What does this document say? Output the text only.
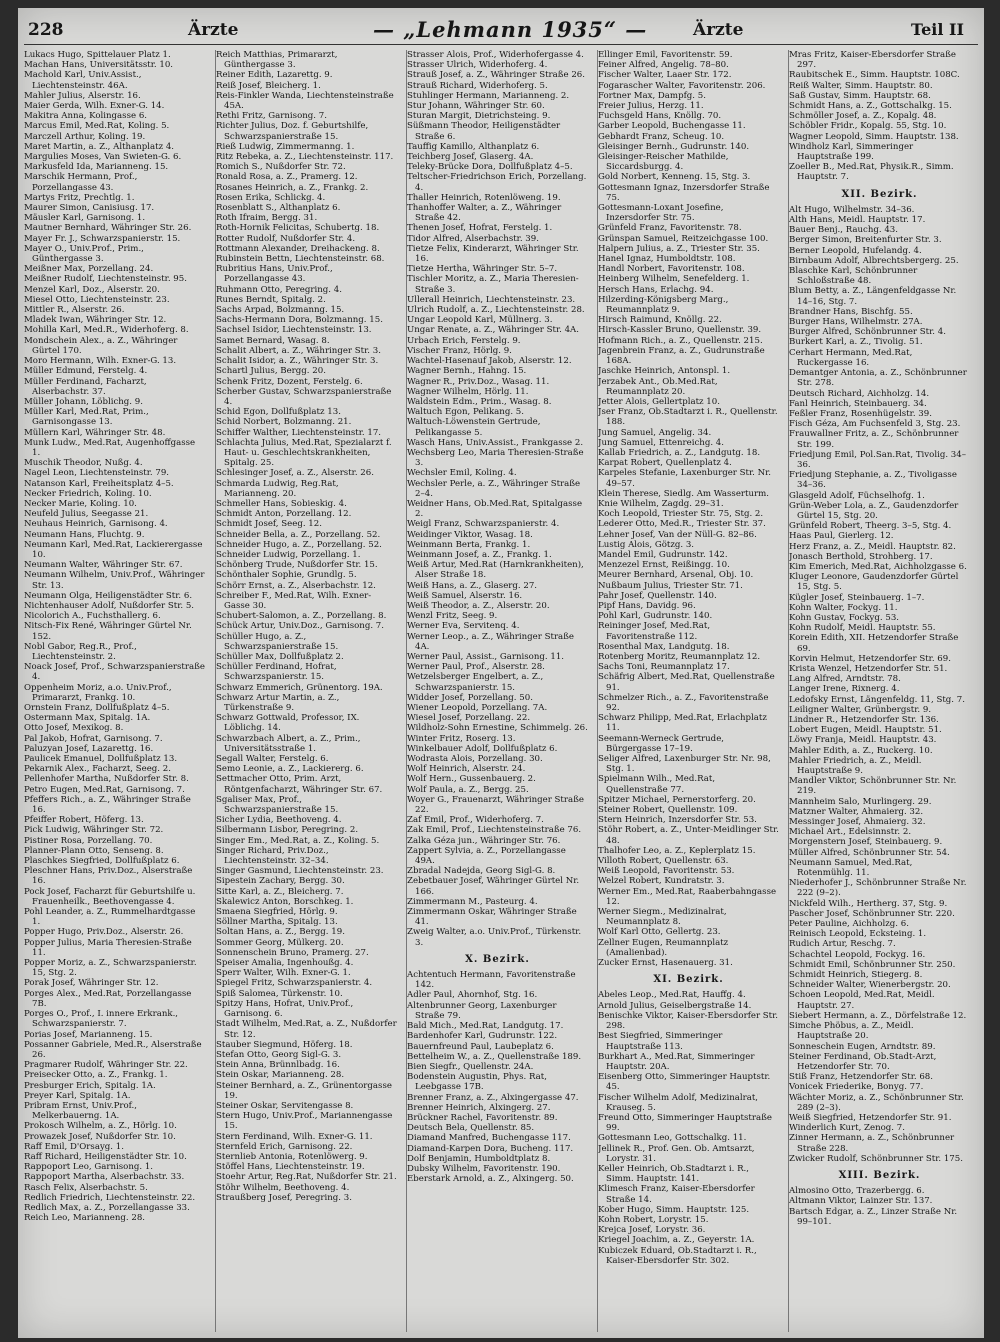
228	Ärzte	— „Lehmann 1935“ —	Ärzte	Teil II

Lukacs Hugo, Spittelauer Platz 1.

Machan Hans, Universitätsstr. 10.

Machold Karl, Univ.Assist., Liechtensteinstr. 46A.

Mahler Julius, Alserstr. 16.

Maier Gerda, Wilh. Exner-G. 14.

Makitra Anna, Kolingasse 6.

Marcus Emil, Med.Rat, Koling. 5.

Marczell Arthur, Koling. 19.

Maret Martin, a. Z., Althanplatz 4.

Margulies Moses, Van Swieten-G. 6.

Markusfeld Ida, Marianneng. 15.

Marschik Hermann, Prof., Porzellangasse 43.

Martys Fritz, Prechtlg. 1.

Maurer Simon, Canisiusg. 17.

Mäusler Karl, Garnisong. 1.

Mautner Bernhard, Währinger Str. 26.

Mayer Fr. J., Schwarzspanierstr. 15.

Mayer O., Univ.Prof., Prim., Günthergasse 3.

Meißner Max, Porzellang. 24.

Meißner Rudolf, Liechtensteinstr. 95.

Menzel Karl, Doz., Alserstr. 20.

Miesel Otto, Liechtensteinstr. 23.

Mittler R., Alserstr. 26.

Mladek Iwan, Währinger Str. 12.

Mohilla Karl, Med.R., Widerhoferg. 8.

Mondschein Alex., a. Z., Währinger Gürtel 170.

Moro Hermann, Wilh. Exner-G. 13.

Müller Edmund, Ferstelg. 4.

Müller Ferdinand, Facharzt, Alserbachstr. 37.

Müller Johann, Löblichg. 9.

Müller Karl, Med.Rat, Prim., Garnisongasse 13.

Müllern Karl, Währinger Str. 48.

Munk Ludw., Med.Rat, Augenhoffgasse 1.

Muschik Theodor, Nußg. 4.

Nagel Leon, Liechtensteinstr. 79.

Natanson Karl, Freiheitsplatz 4–5.

Necker Friedrich, Koling. 10.

Necker Marie, Koling. 10.

Neufeld Julius, Seegasse 21.

Neuhaus Heinrich, Garnisong. 4.

Neumann Hans, Fluchtg. 9.

Neumann Karl, Med.Rat, Lackierergasse 10.

Neumann Walter, Währinger Str. 67.

Neumann Wilhelm, Univ.Prof., Währinger Str. 13.

Neumann Olga, Heiligenstädter Str. 6.

Nichtenhauser Adolf, Nußdorfer Str. 5.

Nicolorich A., Fuchsthallerg. 6.

Nitsch-Fix René, Währinger Gürtel Nr. 152.

Nobl Gabor, Reg.R., Prof., Liechtensteinstr. 2.

Noack Josef, Prof., Schwarzspanierstraße 4.

Oppenheim Moriz, a.o. Univ.Prof., Primararzt, Frankg. 10.

Ornstein Franz, Dollfußplatz 4–5.

Ostermann Max, Spitalg. 1A.

Otto Josef, Mexikog. 8.

Pal Jakob, Hofrat, Garnisong. 7.

Paluzyan Josef, Lazarettg. 16.

Paulicek Emanuel, Dollfußplatz 13.

Pekarnik Alex., Facharzt, Seeg. 2.

Pellenhofer Martha, Nußdorfer Str. 8.

Petro Eugen, Med.Rat, Garnisong. 7.

Pfeffers Rich., a. Z., Währinger Straße 16.

Pfeiffer Robert, Höferg. 13.

Pick Ludwig, Währinger Str. 72.

Pistiner Rosa, Porzellang. 70.

Planner-Plann Otto, Senseng. 8.

Plaschkes Siegfried, Dollfußplatz 6.

Pleschner Hans, Priv.Doz., Alserstraße 16.

Pock Josef, Facharzt für Geburtshilfe u. Frauenheilk., Beethovengasse 4.

Pohl Leander, a. Z., Rummelhardtgasse 1.

Popper Hugo, Priv.Doz., Alserstr. 26.

Popper Julius, Maria Theresien-Straße 11.

Popper Moriz, a. Z., Schwarzspanierstr. 15, Stg. 2.

Porak Josef, Währinger Str. 12.

Porges Alex., Med.Rat, Porzellangasse 7B.

Porges O., Prof., I. innere Erkrank., Schwarzspanierstr. 7.

Porias Josef, Marianneng. 15.

Possanner Gabriele, Med.R., Alserstraße 26.

Pragmarer Rudolf, Währinger Str. 22.

Preisecker Otto, a. Z., Frankg. 1.

Presburger Erich, Spitalg. 1A.

Preyer Karl, Spitalg. 1A.

Pribram Ernst, Univ.Prof., Melkerbauerng. 1A.

Prokosch Wilhelm, a. Z., Hörlg. 10.

Prowazek Josef, Nußdorfer Str. 10.

Raff Emil, D'Orsayg. 1.

Raff Richard, Heiligenstädter Str. 10.

Rappoport Leo, Garnisong. 1.

Rappoport Martha, Alserbachstr. 33.

Rasch Felix, Alserbachstr. 5.

Redlich Friedrich, Liechtensteinstr. 22.

Redlich Max, a. Z., Porzellangasse 33.

Reich Leo, Marianneng. 28.

Reich Matthias, Primararzt, Günthergasse 3.

Reiner Edith, Lazarettg. 9.

Reiß Josef, Bleicherg. 1.

Reis-Finkler Wanda, Liechtensteinstraße 45A.

Rethi Fritz, Garnisong. 7.

Richter Julius, Doz. f. Geburtshilfe, Schwarzspanierstraße 15.

Rieß Ludwig, Zimmermanng. 1.

Ritz Rebeka, a. Z., Liechtensteinstr. 117.

Romich S., Nußdorfer Str. 72.

Ronald Rosa, a. Z., Pramerg. 12.

Rosanes Heinrich, a. Z., Frankg. 2.

Rosen Erika, Schlickg. 4.

Rosenblatt S., Althanplatz 6.

Roth Ifraim, Bergg. 31.

Roth-Hornik Felicitas, Schubertg. 18.

Rotter Rudolf, Nußdorfer Str. 4.

Rottmann Alexander, Dreihackeng. 8.

Rubinstein Bettn, Liechtensteinstr. 68.

Rubritius Hans, Univ.Prof., Porzellangasse 43.

Ruhmann Otto, Peregring. 4.

Runes Berndt, Spitalg. 2.

Sachs Arpad, Bolzmanng. 15.

Sachs-Hermann Dora, Bolzmanng. 15.

Sachsel Isidor, Liechtensteinstr. 13.

Samet Bernard, Wasag. 8.

Schalit Albert, a. Z., Währinger Str. 3.

Schalit Isidor, a. Z., Währinger Str. 3.

Schartl Julius, Bergg. 20.

Schenk Fritz, Dozent, Ferstelg. 6.

Scherber Gustav, Schwarzspanierstraße 4.

Schid Egon, Dollfußplatz 13.

Schid Norbert, Bolzmanng. 21.

Schiffer Walther, Liechtensteinstr. 17.

Schlachta Julius, Med.Rat, Spezialarzt f. Haut- u. Geschlechtskrankheiten, Spitalg. 25.

Schlesinger Josef, a. Z., Alserstr. 26.

Schmarda Ludwig, Reg.Rat, Marianneng. 20.

Schmeller Hans, Sobieskig. 4.

Schmidt Anton, Porzellang. 12.

Schmidt Josef, Seeg. 12.

Schneider Bella, a. Z., Porzellang. 52.

Schneider Hugo, a. Z., Porzellang. 52.

Schneider Ludwig, Porzellang. 1.

Schönberg Trude, Nußdorfer Str. 15.

Schönthaler Sophie, Grundlg. 5.

Schörr Ernst, a. Z., Alserbachstr. 12.

Schreiber F., Med.Rat, Wilh. Exner-Gasse 30.

Schubert-Salomon, a. Z., Porzellang. 8.

Schück Artur, Univ.Doz., Garnisong. 7.

Schüller Hugo, a. Z., Schwarzspanierstraße 15.

Schüller Max, Dollfußplatz 2.

Schüller Ferdinand, Hofrat, Schwarzspanierstr. 15.

Schwarz Emmerich, Grünentorg. 19A.

Schwarz Artur Martin, a. Z., Türkenstraße 9.

Schwarz Gottwald, Professor, IX. Löblichg. 14.

Schwarzbach Albert, a. Z., Prim., Universitätsstraße 1.

Segall Walter, Ferstelg. 6.

Semo Leonie, a. Z., Lackiererg. 6.

Settmacher Otto, Prim. Arzt, Röntgenfacharzt, Währinger Str. 67.

Sgaliser Max, Prof., Schwarzspanierstraße 15.

Sicher Lydia, Beethoveng. 4.

Silbermann Lisbor, Peregring. 2.

Singer Em., Med.Rat, a. Z., Koling. 5.

Singer Richard, Priv.Doz., Liechtensteinstr. 32–34.

Singer Gasmund, Liechtensteinstr. 23.

Sipestein Zachary, Bergg. 30.

Sitte Karl, a. Z., Bleicherg. 7.

Skalewicz Anton, Borschkeg. 1.

Smaena Siegfried, Hörlg. 9.

Söllner Martha, Spitalg. 13.

Soltan Hans, a. Z., Bergg. 19.

Sommer Georg, Mülkerg. 20.

Sonnenschein Bruno, Pramerg. 27.

Speiser Amalia, Ingenhoußg. 4.

Sperr Walter, Wilh. Exner-G. 1.

Spiegel Fritz, Schwarzspanierstr. 4.

Spiß Salomea, Türkenstr. 10.

Spitzy Hans, Hofrat, Univ.Prof., Garnisong. 6.

Stadt Wilhelm, Med.Rat, a. Z., Nußdorfer Str. 12.

Stauber Siegmund, Höferg. 18.

Stefan Otto, Georg Sigl-G. 3.

Stein Anna, Brünnlbadg. 16.

Stein Oskar, Marianneng. 28.

Steiner Bernhard, a. Z., Grünentorgasse 19.

Steiner Oskar, Servitengasse 8.

Stern Hugo, Univ.Prof., Mariannengasse 15.

Stern Ferdinand, Wilh. Exner-G. 11.

Sternfeld Erich, Garnisong. 22.

Sternlieb Antonia, Rotenlöwerg. 9.

Stöffel Hans, Liechtensteinstr. 19.

Stoehr Artur, Reg.Rat, Nußdorfer Str. 21.

Stöhr Wilhelm, Beethoveng. 4.

Straußberg Josef, Peregring. 3.

Strasser Alois, Prof., Widerhofergasse 4.

Strasser Ulrich, Widerhoferg. 4.

Strauß Josef, a. Z., Währinger Straße 26.

Strauß Richard, Widerhoferg. 5.

Stuhlinger Hermann, Marianneng. 2.

Stur Johann, Währinger Str. 60.

Sturan Margit, Dietrichsteing. 9.

Süßmann Theodor, Heiligenstädter Straße 6.

Tauffig Kamillo, Althanplatz 6.

Teichberg Josef, Glaserg. 4A.

Teleky-Brücke Dora, Dollfußplatz 4–5.

Teltscher-Friedrichson Erich, Porzellang. 4.

Thaller Heinrich, Rotenlöweng. 19.

Thanhoffer Walter, a. Z., Währinger Straße 42.

Thenen Josef, Hofrat, Ferstelg. 1.

Tidor Alfred, Alserbachstr. 39.

Tietze Felix, Kinderarzt, Währinger Str. 16.

Tietze Hertha, Währinger Str. 5–7.

Tischler Moritz, a. Z., Maria Theresien-Straße 3.

Ullerall Heinrich, Liechtensteinstr. 23.

Ulrich Rudolf, a. Z., Liechtensteinstr. 28.

Ungar Leopold Karl, Müllnerg. 3.

Ungar Renate, a. Z., Währinger Str. 4A.

Urbach Erich, Ferstelg. 9.

Vischer Franz, Hörlg. 9.

Wachtel-Hasenauf Jakob, Alserstr. 12.

Wagner Bernh., Hahng. 15.

Wagner R., Priv.Doz., Wasag. 11.

Wagner Wilhelm, Hörlg. 11.

Waldstein Edm., Prim., Wasag. 8.

Waltuch Egon, Pelikang. 5.

Waltuch-Löwenstein Gertrude, Pelikangasse 5.

Wasch Hans, Univ.Assist., Frankgasse 2.

Wechsberg Leo, Maria Theresien-Straße 3.

Wechsler Emil, Koling. 4.

Wechsler Perle, a. Z., Währinger Straße 2–4.

Weidner Hans, Ob.Med.Rat, Spitalgasse 2.

Weigl Franz, Schwarzspanierstr. 4.

Weidinger Viktor, Wasag. 18.

Weinmann Berta, Frankg. 1.

Weinmann Josef, a. Z., Frankg. 1.

Weiß Artur, Med.Rat (Harnkrankheiten), Alser Straße 18.

Weiß Hans, a. Z., Glaserg. 27.

Weiß Samuel, Alserstr. 16.

Weiß Theodor, a. Z., Alserstr. 20.

Wenzl Fritz, Seeg. 9.

Werner Eva, Servitenq. 4.

Werner Leop., a. Z., Währinger Straße 4A.

Werner Paul, Assist., Garnisong. 11.

Werner Paul, Prof., Alserstr. 28.

Wetzelsberger Engelbert, a. Z., Schwarzspanierstr. 15.

Widder Josef, Porzellang. 50.

Wiener Leopold, Porzellang. 7A.

Wiesel Josef, Porzellang. 22.

Wildholz-Sohn Ernestine, Schimmelg. 26.

Winter Fritz, Roserg. 13.

Winkelbauer Adolf, Dollfußplatz 6.

Wodrasta Alois, Porzellang. 30.

Wolf Heinrich, Alserstr. 24.

Wolf Hern., Gussenbauerg. 2.

Wolf Paula, a. Z., Bergg. 25.

Woyer G., Frauenarzt, Währinger Straße 22.

Zaf Emil, Prof., Widerhoferg. 7.

Zak Emil, Prof., Liechtensteinstraße 76.

Zalka Géza jun., Währinger Str. 76.

Zappert Sylvia, a. Z., Porzellangasse 49A.

Zbradal Nadejda, Georg Sigl-G. 8.

Zebetbauer Josef, Währinger Gürtel Nr. 166.

Zimmermann M., Pasteurg. 4.

Zimmermann Oskar, Währinger Straße 41.

Zweig Walter, a.o. Univ.Prof., Türkenstr. 3.

X. Bezirk.

Achtentuch Hermann, Favoritenstraße 142.

Adler Paul, Ahornhof, Stg. 16.

Altenbrunner Georg, Laxenburger Straße 79.

Bald Mich., Med.Rat, Landgutg. 17.

Bardenhofer Karl, Gudrunstr. 122.

Bauernfreund Paul, Laubeplatz 6.

Bettelheim W., a. Z., Quellenstraße 189.

Bien Siegfr., Quellenstr. 24A.

Bodenstein Augustin, Phys. Rat, Leebgasse 17B.

Brenner Franz, a. Z., Alxingergasse 47.

Brenner Heinrich, Alxingerg. 27.

Brückner Rachel, Favoritenstr. 89.

Deutsch Bela, Quellenstr. 85.

Diamand Manfred, Buchengasse 117.

Diamand-Karpen Dora, Bucheng. 117.

Dolf Benjamin, Humboldtplatz 8.

Dubsky Wilhelm, Favoritenstr. 190.

Eberstark Arnold, a. Z., Alxingerg. 50.

Ellinger Emil, Favoritenstr. 59.

Feiner Alfred, Angelig. 78–80.

Fischer Walter, Laaer Str. 172.

Fogarascher Walter, Favoritenstr. 206.

Fortner Max, Dampfg. 5.

Freier Julius, Herzg. 11.

Fuchsgeld Hans, Knöllg. 70.

Garber Leopold, Buchengasse 11.

Gebhardt Franz, Scheug. 10.

Gleisinger Bernh., Gudrunstr. 140.

Gleisinger-Reischer Mathilde, Siccardsburgg. 4.

Gold Norbert, Kenneng. 15, Stg. 3.

Gottesmann Ignaz, Inzersdorfer Straße 75.

Gottesmann-Loxant Josefine, Inzersdorfer Str. 75.

Grünfeld Franz, Favoritenstr. 78.

Grünspan Samuel, Reitzeichgasse 100.

Halpern Julius, a. Z., Triester Str. 35.

Hanel Ignaz, Humboldtstr. 108.

Handl Norbert, Favoritenstr. 108.

Heinberg Wilhelm, Senefelderg. 1.

Hersch Hans, Erlachg. 94.

Hilzerding-Königsberg Marg., Reumannplatz 9.

Hirsch Raimund, Knöllg. 22.

Hirsch-Kassler Bruno, Quellenstr. 39.

Hofmann Rich., a. Z., Quellenstr. 215.

Jagenbrein Franz, a. Z., Gudrunstraße 168A.

Jaschke Heinrich, Antonspl. 1.

Jerzabek Ant., Ob.Med.Rat, Reumannplatz 20.

Jetter Alois, Gellertplatz 10.

Jser Franz, Ob.Stadtarzt i. R., Quellenstr. 188.

Jung Samuel, Angelig. 34.

Jung Samuel, Ettenreichg. 4.

Kallab Friedrich, a. Z., Landgutg. 18.

Karpat Robert, Quellenplatz 4.

Karpeles Stefanie, Laxenburger Str. Nr. 49–57.

Klein Therese, Siedlg. Am Wasserturm.

Knie Wilhelm, Zagdg. 29–31.

Koch Leopold, Triester Str. 75, Stg. 2.

Lederer Otto, Med.R., Triester Str. 37.

Lehner Josef, Van der Nüll-G. 82–86.

Lustig Alois, Götzg. 3.

Mandel Emil, Gudrunstr. 142.

Menzezel Ernst, Reißingg. 10.

Meurer Bernhard, Arsenal, Obj. 10.

Nußbaum Julius, Triester Str. 71.

Pahr Josef, Quellenstr. 140.

Pipf Hans, Davidg. 96.

Pohl Karl, Gudrunstr. 140.

Reininger Josef, Med.Rat, Favoritenstraße 112.

Rosenthal Max, Landgutg. 18.

Rotenberg Moritz, Reumannplatz 12.

Sachs Toni, Reumannplatz 17.

Schäfrig Albert, Med.Rat, Quellenstraße 91.

Schmelzer Rich., a. Z., Favoritenstraße 92.

Schwarz Philipp, Med.Rat, Erlachplatz 11.

Seemann-Werneck Gertrude, Bürgergasse 17–19.

Seliger Alfred, Laxenburger Str. Nr. 98, Stg. 1.

Spielmann Wilh., Med.Rat, Quellenstraße 77.

Spitzer Michael, Pernerstorferg. 20.

Steiner Robert, Quellenstr. 109.

Stern Heinrich, Inzersdorfer Str. 53.

Stöhr Robert, a. Z., Unter-Meidlinger Str. 48.

Thalhofer Leo, a. Z., Keplerplatz 15.

Villoth Robert, Quellenstr. 63.

Weiß Leopold, Favoritenstr. 53.

Welzel Robert, Kundratstr. 3.

Werner Em., Med.Rat, Raaberbahngasse 12.

Werner Siegm., Medizinalrat, Neumannplatz 8.

Wolf Karl Otto, Gellertg. 23.

Zellner Eugen, Reumannplatz (Amalienbad).

Zucker Ernst, Hasenauerg. 31.

XI. Bezirk.

Abeles Leop., Med.Rat, Hauffg. 4.

Arnold Julius, Geiselbergstraße 14.

Benischke Viktor, Kaiser-Ebersdorfer Str. 298.

Best Siegfried, Simmeringer Hauptstraße 113.

Burkhart A., Med.Rat, Simmeringer Hauptstr. 20A.

Eisenberg Otto, Simmeringer Hauptstr. 45.

Fischer Wilhelm Adolf, Medizinalrat, Krauseg. 5.

Freund Otto, Simmeringer Hauptstraße 99.

Gottesmann Leo, Gottschalkg. 11.

Jellinek R., Prof. Gen. Ob. Amtsarzt, Lorystr. 31.

Keller Heinrich, Ob.Stadtarzt i. R., Simm. Hauptstr. 141.

Klimesch Franz, Kaiser-Ebersdorfer Straße 14.

Kober Hugo, Simm. Hauptstr. 125.

Kohn Robert, Lorystr. 15.

Krejca Josef, Lorystr. 36.

Kriegel Joachim, a. Z., Geyerstr. 1A.

Kubiczek Eduard, Ob.Stadtarzt i. R., Kaiser-Ebersdorfer Str. 302.

Mras Fritz, Kaiser-Ebersdorfer Straße 297.

Raubitschek E., Simm. Hauptstr. 108C.

Reiß Walter, Simm. Hauptstr. 80.

Saß Gustav, Simm. Hauptstr. 68.

Schmidt Hans, a. Z., Gottschalkg. 15.

Schmöller Josef, a. Z., Kopalg. 48.

Schöbler Fridr., Kopalg. 55, Stg. 10.

Wagner Leopold, Simm. Hauptstr. 138.

Windholz Karl, Simmeringer Hauptstraße 199.

Zoeller B., Med.Rat, Physik.R., Simm. Hauptstr. 7.

XII. Bezirk.

Alt Hugo, Wilhelmstr. 34–36.

Alth Hans, Meidl. Hauptstr. 17.

Bauer Benj., Rauchg. 43.

Berger Simon, Breitenfurter Str. 3.

Berner Leopold, Hufelandg. 4.

Birnbaum Adolf, Albrechtsbergerg. 25.

Blaschke Karl, Schönbrunner Schloßstraße 48.

Blum Betty, a. Z., Längenfeldgasse Nr. 14–16, Stg. 7.

Brandner Hans, Bischfg. 55.

Burger Hans, Wilhelmstr. 27A.

Burger Alfred, Schönbrunner Str. 4.

Burkert Karl, a. Z., Tivolig. 51.

Cerhart Hermann, Med.Rat, Ruckergasse 16.

Demantger Antonia, a. Z., Schönbrunner Str. 278.

Deutsch Richard, Aichholzg. 14.

Fanl Heinrich, Steinbauerg. 34.

Feßler Franz, Rosenhügelstr. 39.

Fisch Géza, Am Fuchsenfeld 3, Stg. 23.

Frauwallner Fritz, a. Z., Schönbrunner Str. 199.

Friedjung Emil, Pol.San.Rat, Tivolig. 34–36.

Friedjung Stephanie, a. Z., Tivoligasse 34–36.

Glasgeld Adolf, Füchselhofg. 1.

Grün-Weber Lola, a. Z., Gaudenzdorfer Gürtel 15, Stg. 20.

Grünfeld Robert, Theerg. 3–5, Stg. 4.

Haas Paul, Gierlerg. 12.

Herz Franz, a. Z., Meidl. Hauptstr. 82.

Jonasch Berthold, Strohberg. 17.

Kim Emerich, Med.Rat, Aichholzgasse 6.

Kluger Leonore, Gaudenzdorfer Gürtel 15, Stg. 5.

Kügler Josef, Steinbauerg. 1–7.

Kohn Walter, Fockyg. 11.

Kohn Gustav, Fockyg. 53.

Kohn Rudolf, Meidl. Hauptstr. 55.

Korein Edith, XII. Hetzendorfer Straße 69.

Korvin Helmut, Hetzendorfer Str. 69.

Krista Wenzel, Hetzendorfer Str. 51.

Lang Alfred, Arndtstr. 78.

Langer Irene, Rixnerg. 4.

Ledofsky Ernst, Längenfeldg. 11, Stg. 7.

Leiligner Walter, Grünbergstr. 9.

Lindner R., Hetzendorfer Str. 136.

Lobert Eugen, Meidl. Hauptstr. 51.

Löwy Franja, Meidl. Hauptstr. 43.

Mahler Edith, a. Z., Ruckerg. 10.

Mahler Friedrich, a. Z., Meidl. Hauptstraße 9.

Mandler Viktor, Schönbrunner Str. Nr. 219.

Mannheim Salo, Murlingerg. 29.

Matzner Walter, Ahmaierg. 32.

Messinger Josef, Ahmaierg. 32.

Michael Art., Edelsinnstr. 2.

Morgenstern Josef, Steinbauerg. 9.

Müller Alfred, Schönbrunner Str. 54.

Neumann Samuel, Med.Rat, Rotenmühlg. 11.

Niederhofer J., Schönbrunner Straße Nr. 222 (9–2).

Nickfeld Wilh., Hertherg. 37, Stg. 9.

Pascher Josef, Schönbrunner Str. 220.

Peter Pauline, Aichholzg. 6.

Reinisch Leopold, Ecksteing. 1.

Rudich Artur, Reschg. 7.

Schachtel Leopold, Fockyg. 16.

Schmidt Emil, Schönbrunner Str. 250.

Schmidt Heinrich, Stiegerg. 8.

Schneider Walter, Wienerbergstr. 20.

Schoen Leopold, Med.Rat, Meidl. Hauptstr. 27.

Siebert Hermann, a. Z., Dörfelstraße 12.

Simche Phöbus, a. Z., Meidl. Hauptstraße 20.

Sonneschein Eugen, Arndtstr. 89.

Steiner Ferdinand, Ob.Stadt-Arzt, Hetzendorfer Str. 70.

Stiß Franz, Hetzendorfer Str. 68.

Vonicek Friederike, Bonyg. 77.

Wächter Moriz, a. Z., Schönbrunner Str. 289 (2–3).

Weiß Siegfried, Hetzendorfer Str. 91.

Winderlich Kurt, Zenog. 7.

Zinner Hermann, a. Z., Schönbrunner Straße 228.

Zwicker Rudolf, Schönbrunner Str. 175.

XIII. Bezirk.

Almosino Otto, Trazerbergg. 6.

Altmann Viktor, Lainzer Str. 137.

Bartsch Edgar, a. Z., Linzer Straße Nr. 99–101.
